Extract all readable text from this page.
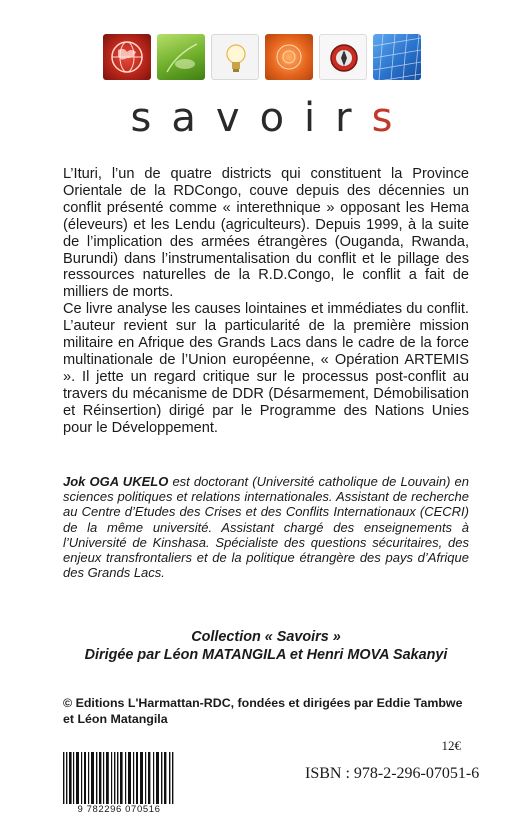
savoirs

L’Ituri, l’un de quatre districts qui constituent la Province Orientale de la RDCongo, couve depuis des décennies un conflit présenté comme « interethnique » opposant les Hema (éleveurs) et les Lendu (agriculteurs). Depuis 1999, à la suite de l’implication des armées étrangères (Ouganda, Rwanda, Burundi) dans l’instrumentalisation du conflit et le pillage des ressources naturelles de la R.D.Congo, le conflit a fait de milliers de morts.

Ce livre analyse les causes lointaines et immédiates du conflit. L’auteur revient sur la particularité de la première mission militaire en Afrique des Grands Lacs dans le cadre de la force multinationale de l’Union européenne, « Opération ARTEMIS ». Il jette un regard critique sur le processus post-conflit au travers du mécanisme de DDR (Désarmement, Démobilisation et Réinsertion) dirigé par le Programme des Nations Unies pour le Développement.

Jok OGA UKELO est doctorant (Université catholique de Louvain) en sciences politiques et relations internationales. Assistant de recherche au Centre d’Etudes des Crises et des Conflits Internationaux (CECRI) de la même université. Assistant chargé des enseignements à l’Université de Kinshasa. Spécialiste des questions sécuritaires, des enjeux transfrontaliers et de la politique étrangère des pays d’Afrique des Grands Lacs.
Collection « Savoirs »
Dirigée par Léon MATANGILA et Henri MOVA Sakanyi
© Editions L'Harmattan-RDC, fondées et dirigées par Eddie Tambwe et Léon Matangila
12€
9 782296 070516
ISBN : 978-2-296-07051-6
